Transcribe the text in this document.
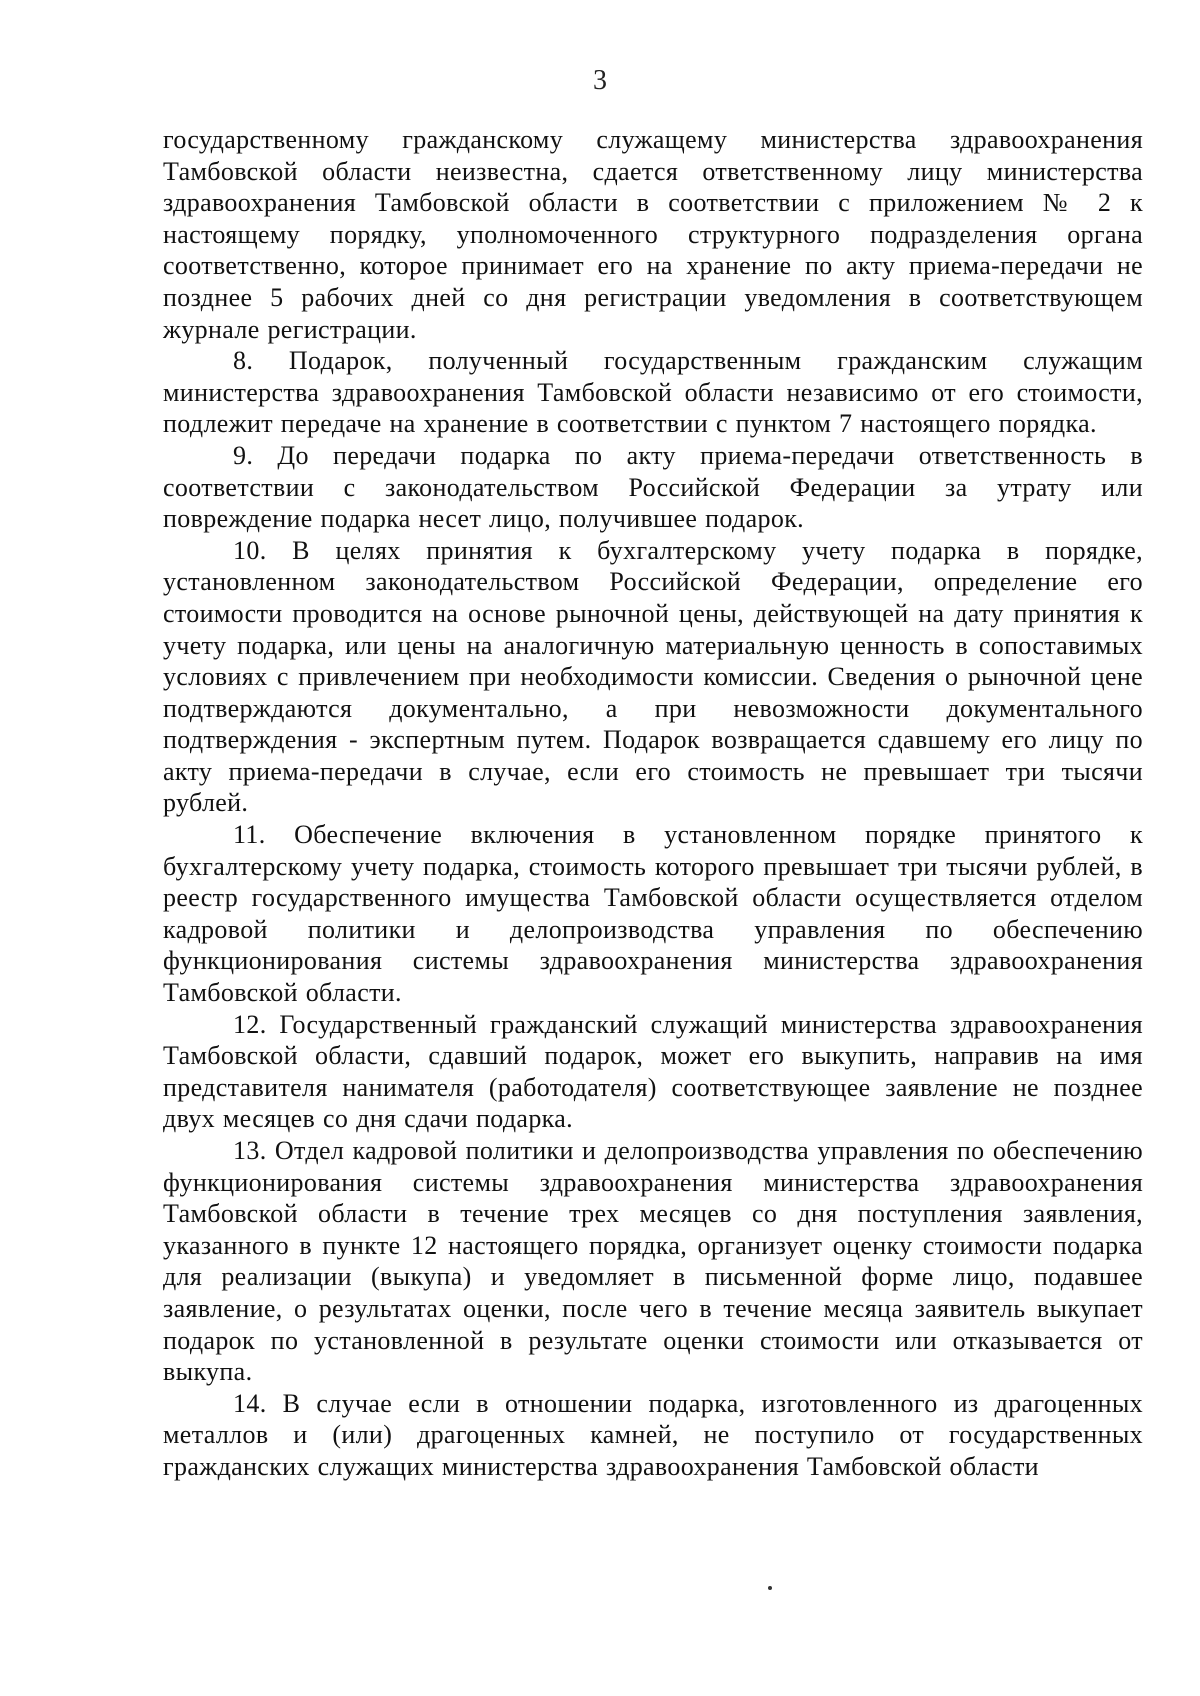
3

государственному гражданскому служащему министерства здравоохранения Тамбовской области неизвестна, сдается ответственному лицу министерства здравоохранения Тамбовской области в соответствии с приложением № 2 к настоящему порядку, уполномоченного структурного подразделения органа соответственно, которое принимает его на хранение по акту приема-передачи не позднее 5 рабочих дней со дня регистрации уведомления в соответствующем журнале регистрации.

8. Подарок, полученный государственным гражданским служащим министерства здравоохранения Тамбовской области независимо от его стоимости, подлежит передаче на хранение в соответствии с пунктом 7 настоящего порядка.

9. До передачи подарка по акту приема-передачи ответственность в соответствии с законодательством Российской Федерации за утрату или повреждение подарка несет лицо, получившее подарок.

10. В целях принятия к бухгалтерскому учету подарка в порядке, установленном законодательством Российской Федерации, определение его стоимости проводится на основе рыночной цены, действующей на дату принятия к учету подарка, или цены на аналогичную материальную ценность в сопоставимых условиях с привлечением при необходимости комиссии. Сведения о рыночной цене подтверждаются документально, а при невозможности документального подтверждения - экспертным путем. Подарок возвращается сдавшему его лицу по акту приема-передачи в случае, если его стоимость не превышает три тысячи рублей.

11. Обеспечение включения в установленном порядке принятого к бухгалтерскому учету подарка, стоимость которого превышает три тысячи рублей, в реестр государственного имущества Тамбовской области осуществляется отделом кадровой политики и делопроизводства управления по обеспечению функционирования системы здравоохранения министерства здравоохранения Тамбовской области.

12. Государственный гражданский служащий министерства здравоохранения Тамбовской области, сдавший подарок, может его выкупить, направив на имя представителя нанимателя (работодателя) соответствующее заявление не позднее двух месяцев со дня сдачи подарка.

13. Отдел кадровой политики и делопроизводства управления по обеспечению функционирования системы здравоохранения министерства здравоохранения Тамбовской области в течение трех месяцев со дня поступления заявления, указанного в пункте 12 настоящего порядка, организует оценку стоимости подарка для реализации (выкупа) и уведомляет в письменной форме лицо, подавшее заявление, о результатах оценки, после чего в течение месяца заявитель выкупает подарок по установленной в результате оценки стоимости или отказывается от выкупа.

14. В случае если в отношении подарка, изготовленного из драгоценных металлов и (или) драгоценных камней, не поступило от государственных гражданских служащих министерства здравоохранения Тамбовской области
